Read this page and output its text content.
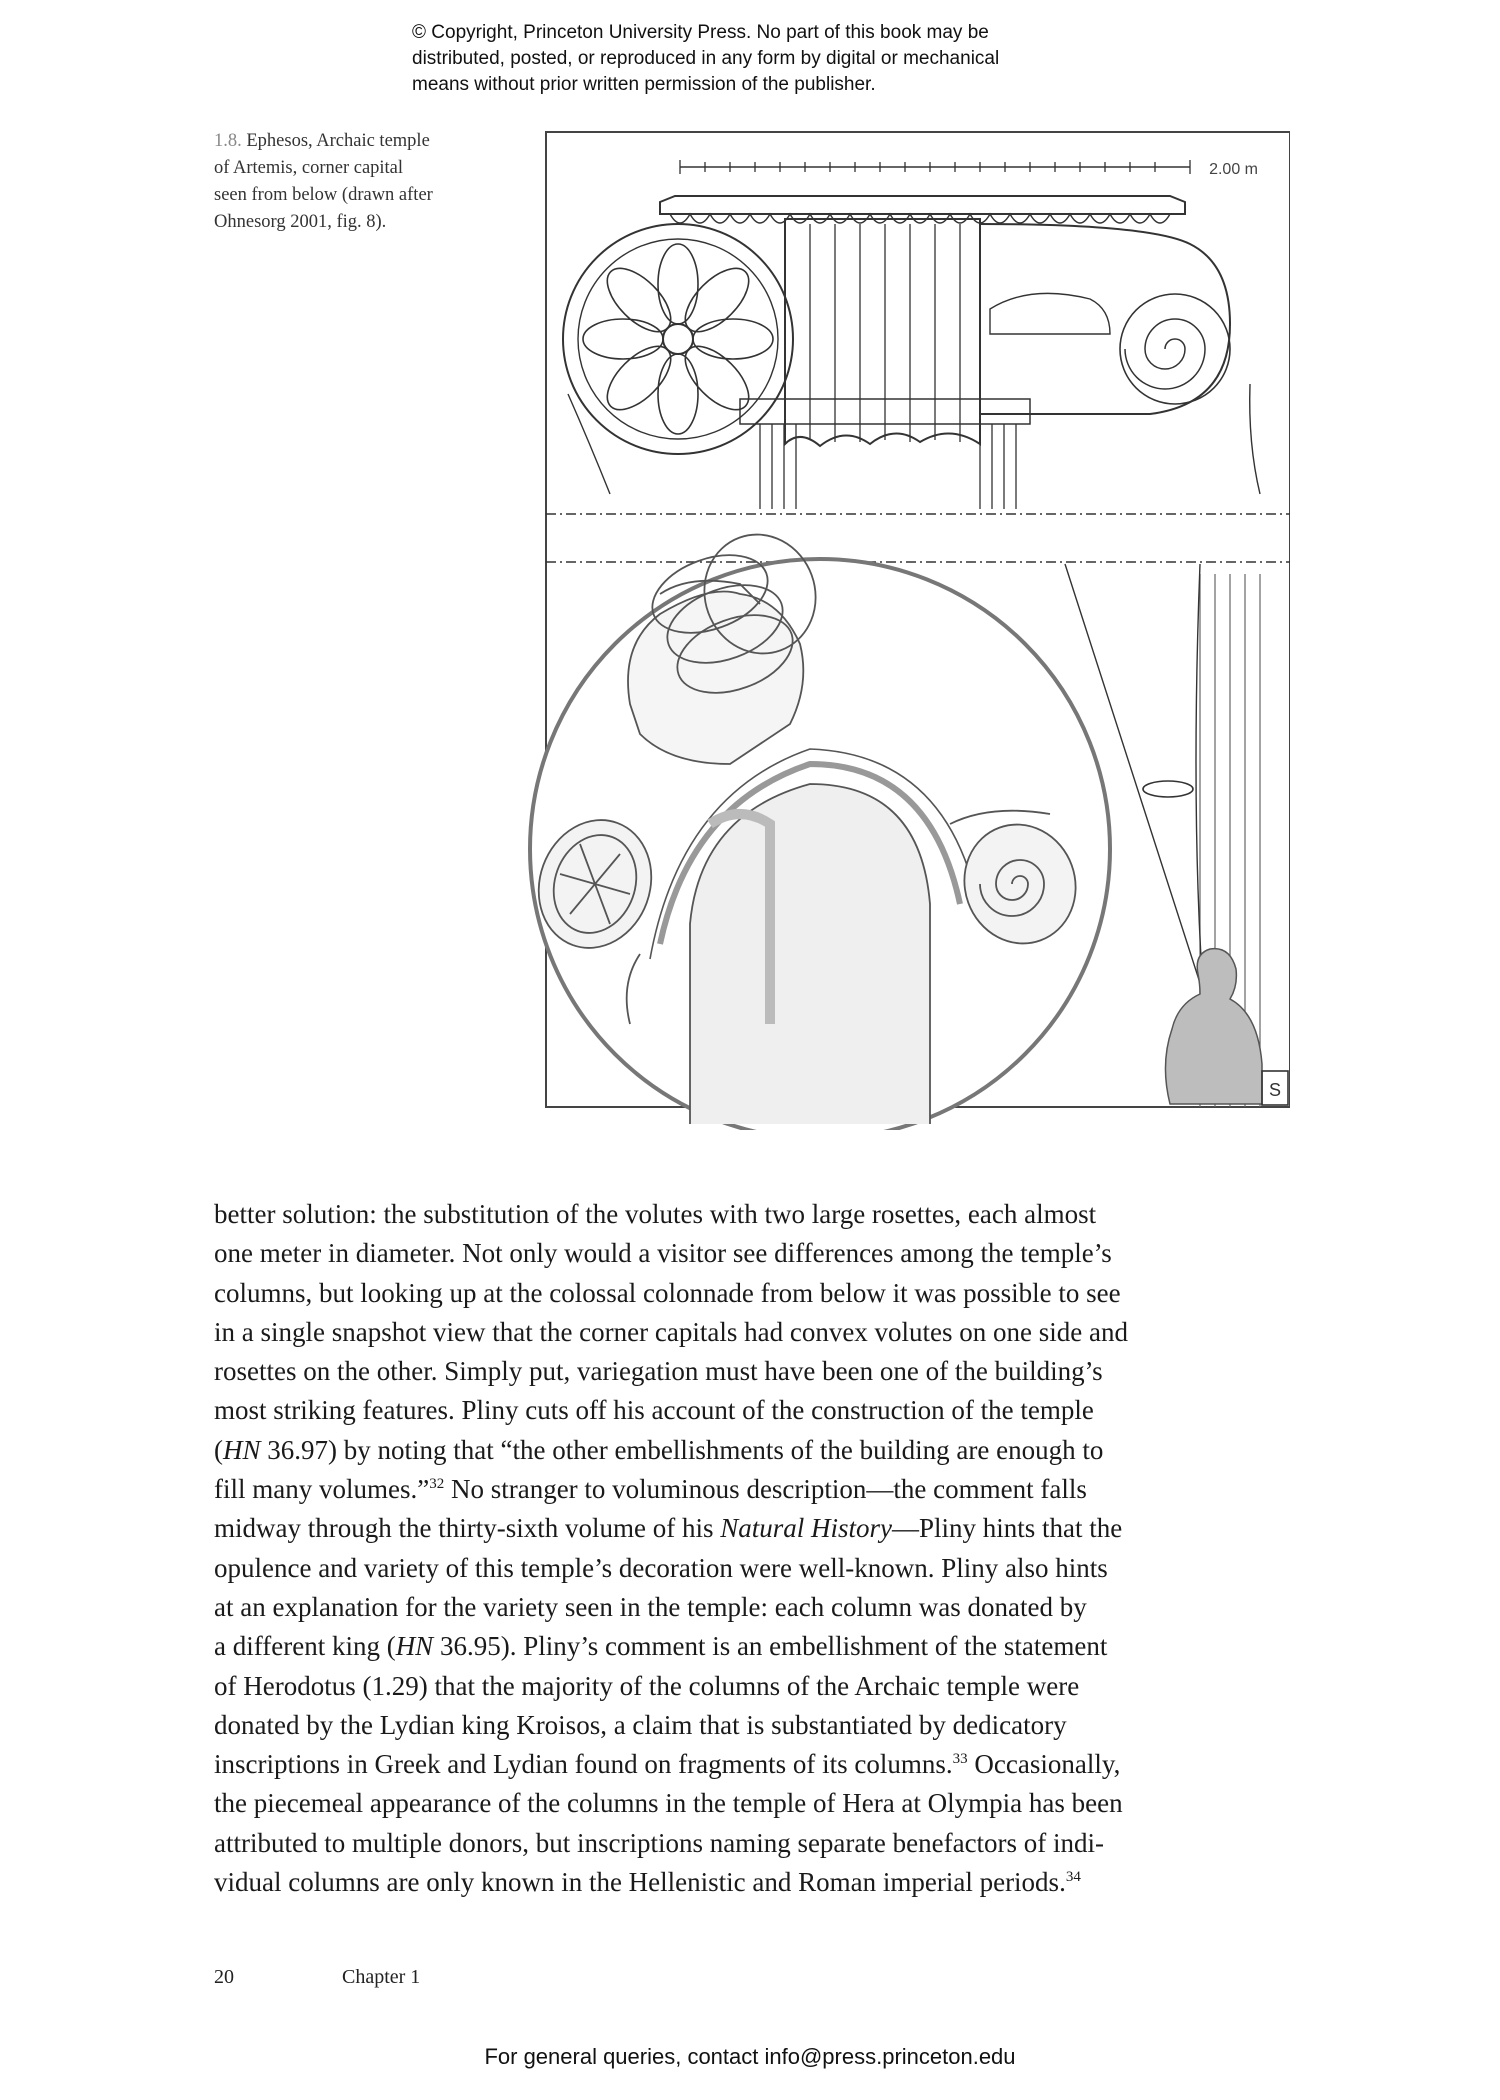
© Copyright, Princeton University Press. No part of this book may be
distributed, posted, or reproduced in any form by digital or mechanical
means without prior written permission of the publisher.
1.8. Ephesos, Archaic temple
of Artemis, corner capital
seen from below (drawn after
Ohnesorg 2001, fig. 8).
2.00 m
S
better solution: the substitution of the volutes with two large rosettes, each almost
one meter in diameter. Not only would a visitor see differences among the temple’s
columns, but looking up at the colossal colonnade from below it was possible to see
in a single snapshot view that the corner capitals had convex volutes on one side and
rosettes on the other. Simply put, variegation must have been one of the building’s
most striking features. Pliny cuts off his account of the construction of the temple
(HN 36.97) by noting that “the other embellishments of the building are enough to
fill many volumes.”$^{32}$ No stranger to voluminous description—the comment falls
midway through the thirty-sixth volume of his Natural History—Pliny hints that the
opulence and variety of this temple’s decoration were well-known. Pliny also hints
at an explanation for the variety seen in the temple: each column was donated by
a different king (HN 36.95). Pliny’s comment is an embellishment of the statement
of Herodotus (1.29) that the majority of the columns of the Archaic temple were
donated by the Lydian king Kroisos, a claim that is substantiated by dedicatory
inscriptions in Greek and Lydian found on fragments of its columns.$^{33}$ Occasionally,
the piecemeal appearance of the columns in the temple of Hera at Olympia has been
attributed to multiple donors, but inscriptions naming separate benefactors of indi-
vidual columns are only known in the Hellenistic and Roman imperial periods.$^{34}$
20	Chapter 1
For general queries, contact info@press.princeton.edu
